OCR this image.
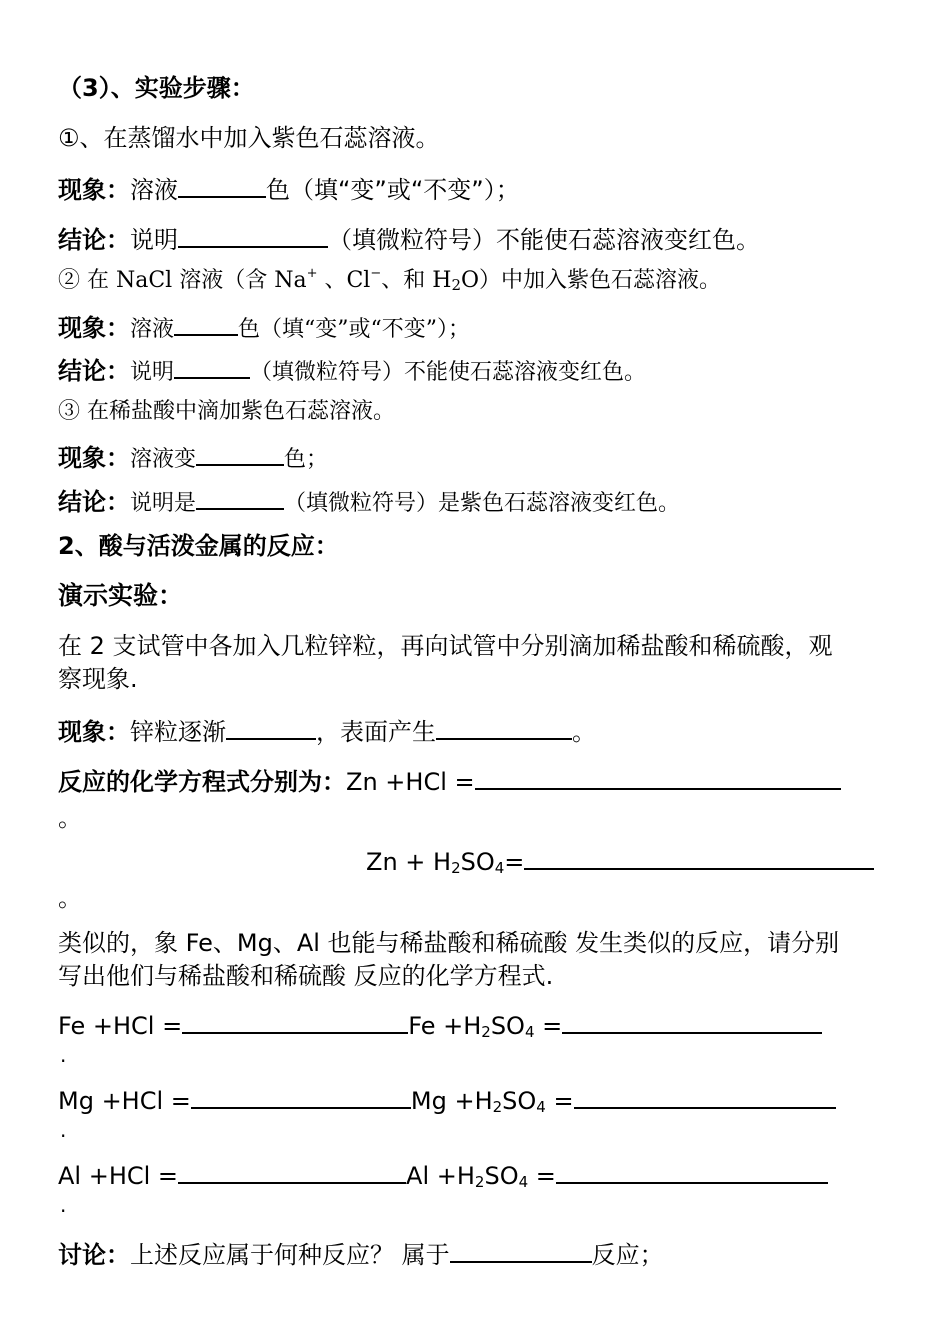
（3）、实验步骤：
①、在蒸馏水中加入紫色石蕊溶液。
现象：溶液	色（填“变”或“不变”）；
结论：说明	（填微粒符号）不能使石蕊溶液变红色。
② 在 NaCl 溶液（含 Na+ 、Cl−、和 $H_2O$）中加入紫色石蕊溶液。
现象：溶液	色（填“变”或“不变”）；
结论：说明	（填微粒符号）不能使石蕊溶液变红色。
③ 在稀盐酸中滴加紫色石蕊溶液。
现象：溶液变	色；
结论：说明是	（填微粒符号）是紫色石蕊溶液变红色。
2、酸与活泼金属的反应：
演示实验：
在 2 支试管中各加入几粒锌粒，再向试管中分别滴加稀盐酸和稀硫酸，观
察现象.
现象：锌粒逐渐	，表面产生	。
反应的化学方程式分别为：Zn +HCl =
。
$Zn + H_2SO_4=$
。
类似的，象 Fe、Mg、Al 也能与稀盐酸和稀硫酸 发生类似的反应，请分别
写出他们与稀盐酸和稀硫酸 反应的化学方程式.
Fe +HCl =	$Fe +H_2SO_4$ =
.
Mg +HCl =	$Mg +H_2SO_4$ =
.
Al +HCl =	$Al +H_2SO_4$ =
.
讨论：上述反应属于何种反应？ 属于	反应；
